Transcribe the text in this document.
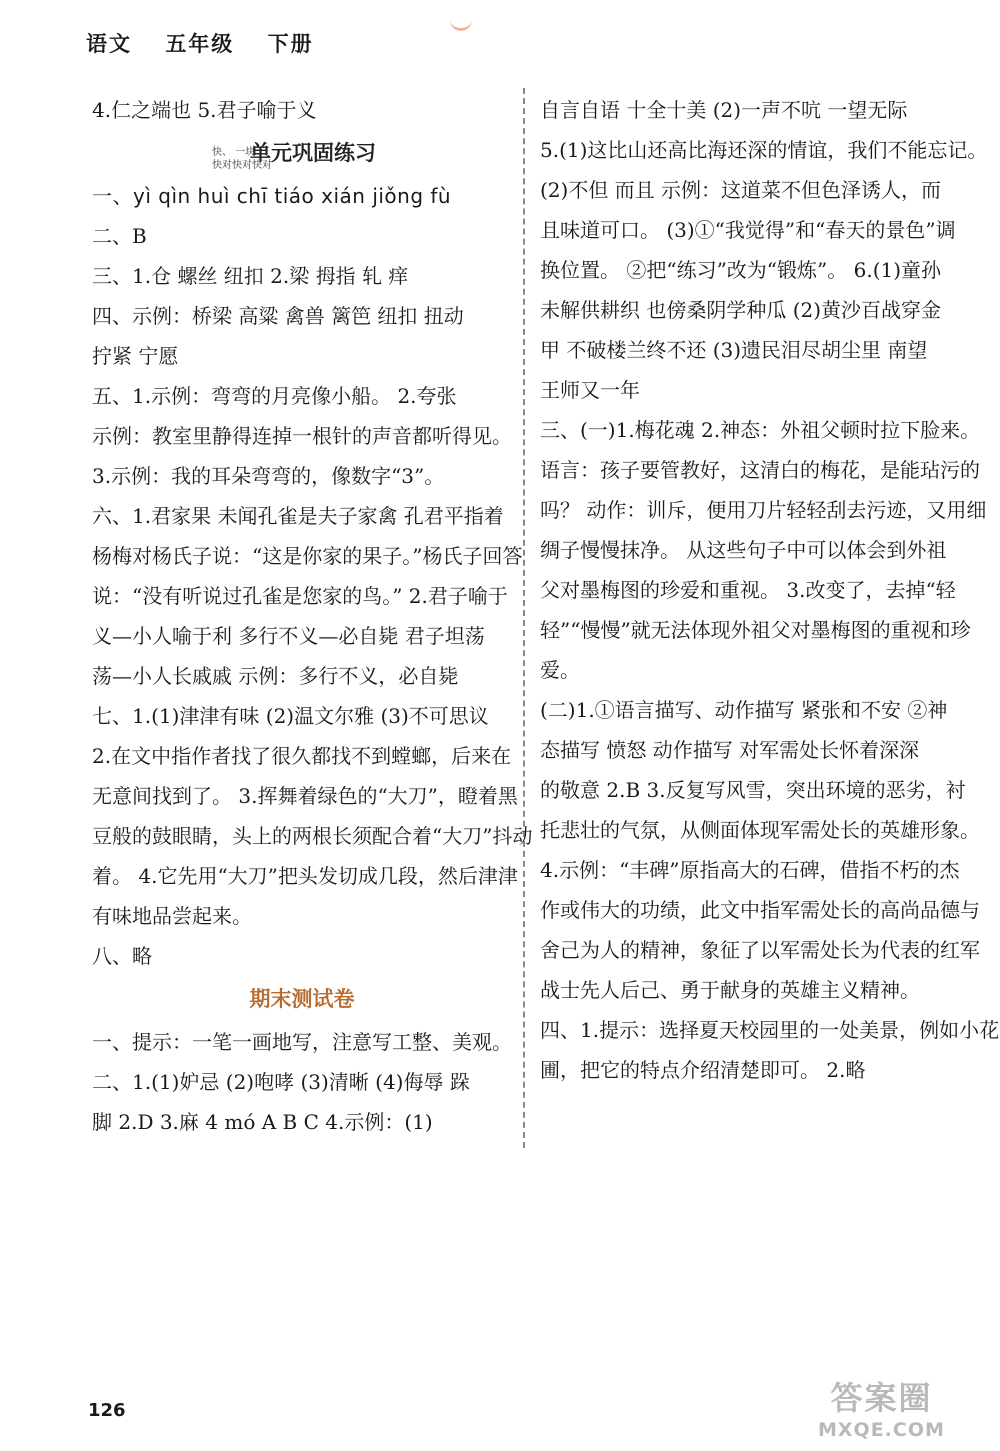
语文 五年级 下册
4.仁之端也 5.君子喻于义
单元巩固练习
快、 一块
快对快对快对
一、yì qìn huì chī tiáo xián jiǒng fù
二、B
三、1.仓 螺丝 纽扣 2.梁 拇指 轧 痒
四、示例：桥梁 高粱 禽兽 篱笆 纽扣 扭动
拧紧 宁愿
五、1.示例：弯弯的月亮像小船。 2.夸张
示例：教室里静得连掉一根针的声音都听得见。
3.示例：我的耳朵弯弯的，像数字“3”。
六、1.君家果 未闻孔雀是夫子家禽 孔君平指着
杨梅对杨氏子说：“这是你家的果子。”杨氏子回答
说：“没有听说过孔雀是您家的鸟。” 2.君子喻于
义—小人喻于利 多行不义—必自毙 君子坦荡
荡—小人长戚戚 示例：多行不义，必自毙
七、1.(1)津津有味 (2)温文尔雅 (3)不可思议
2.在文中指作者找了很久都找不到螳螂，后来在
无意间找到了。 3.挥舞着绿色的“大刀”，瞪着黑
豆般的鼓眼睛，头上的两根长须配合着“大刀”抖动
着。 4.它先用“大刀”把头发切成几段，然后津津
有味地品尝起来。
八、略
期末测试卷
一、提示：一笔一画地写，注意写工整、美观。
二、1.(1)妒忌 (2)咆哮 (3)清晰 (4)侮辱 跺
脚 2.D 3.麻 4 mó A B C 4.示例：(1)
自言自语 十全十美 (2)一声不吭 一望无际
5.(1)这比山还高比海还深的情谊，我们不能忘记。
(2)不但 而且 示例：这道菜不但色泽诱人，而
且味道可口。 (3)①“我觉得”和“春天的景色”调
换位置。 ②把“练习”改为“锻炼”。 6.(1)童孙
未解供耕织 也傍桑阴学种瓜 (2)黄沙百战穿金
甲 不破楼兰终不还 (3)遗民泪尽胡尘里 南望
王师又一年
三、(一)1.梅花魂 2.神态：外祖父顿时拉下脸来。
语言：孩子要管教好，这清白的梅花，是能玷污的
吗？ 动作：训斥，便用刀片轻轻刮去污迹，又用细
绸子慢慢抹净。 从这些句子中可以体会到外祖
父对墨梅图的珍爱和重视。 3.改变了，去掉“轻
轻”“慢慢”就无法体现外祖父对墨梅图的重视和珍
爱。
(二)1.①语言描写、动作描写 紧张和不安 ②神
态描写 愤怒 动作描写 对军需处长怀着深深
的敬意 2.B 3.反复写风雪，突出环境的恶劣，衬
托悲壮的气氛，从侧面体现军需处长的英雄形象。
4.示例：“丰碑”原指高大的石碑，借指不朽的杰
作或伟大的功绩，此文中指军需处长的高尚品德与
舍己为人的精神，象征了以军需处长为代表的红军
战士先人后己、勇于献身的英雄主义精神。
四、1.提示：选择夏天校园里的一处美景，例如小花
圃，把它的特点介绍清楚即可。 2.略
126	答案圈
MXQE.COM
